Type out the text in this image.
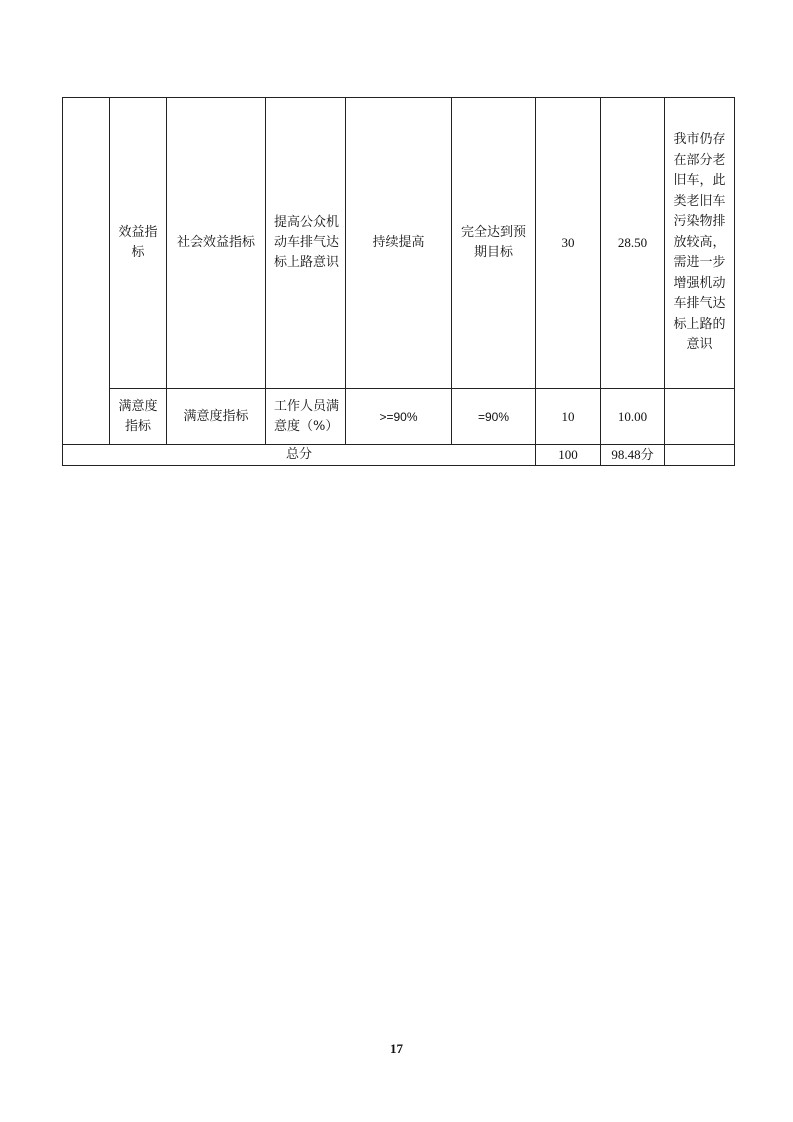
	效益指标	社会效益指标	提高公众机动车排气达标上路意识	持续提高	完全达到预期目标	30	28.50	我市仍存在部分老旧车，此类老旧车污染物排放较高，需进一步增强机动车排气达标上路的意识
	满意度指标	满意度指标	工作人员满意度（%）	>=90%	=90%	10	10.00	
总分						100	98.48分	
17
